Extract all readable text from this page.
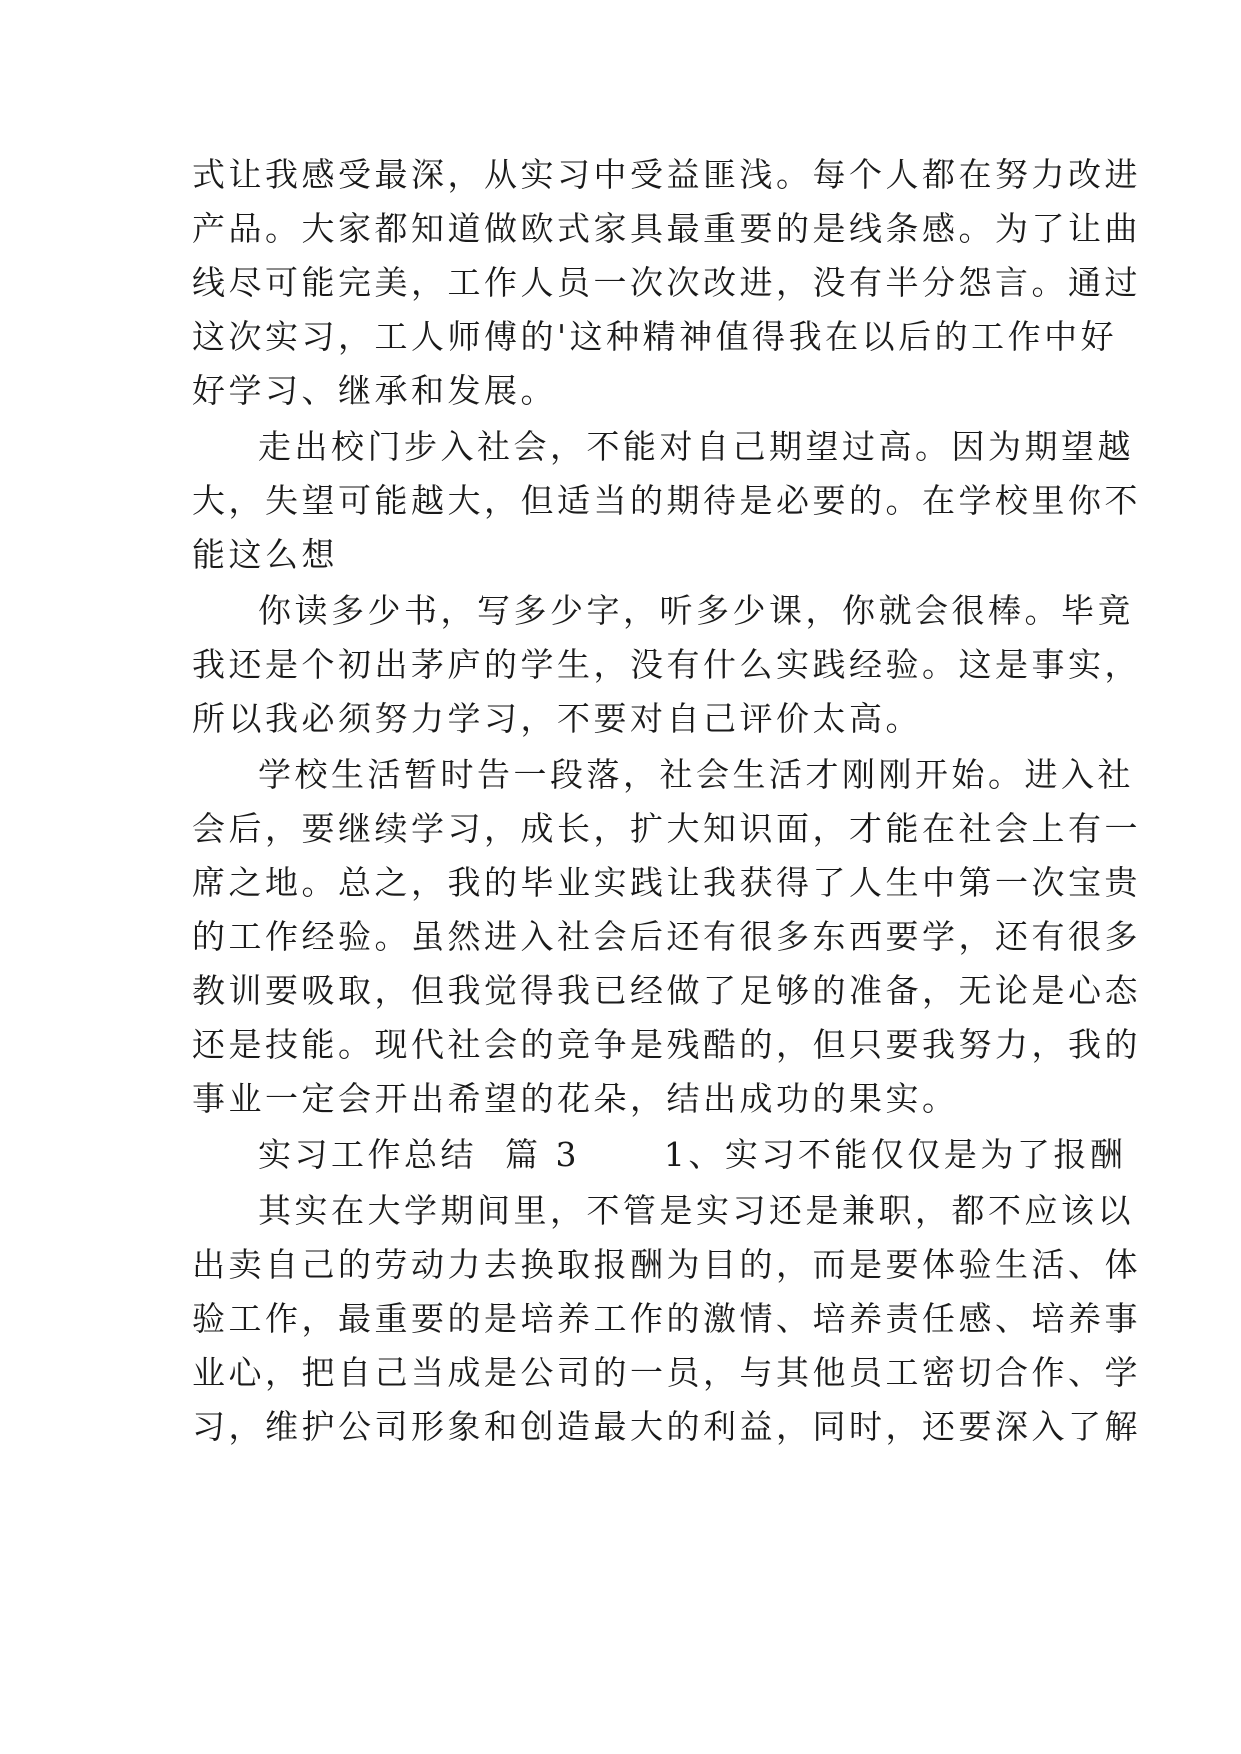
式让我感受最深，从实习中受益匪浅。每个人都在努力改进
产品。大家都知道做欧式家具最重要的是线条感。为了让曲
线尽可能完美，工作人员一次次改进，没有半分怨言。通过
这次实习，工人师傅的'这种精神值得我在以后的工作中好
好学习、继承和发展。
走出校门步入社会，不能对自己期望过高。因为期望越
大，失望可能越大，但适当的期待是必要的。在学校里你不
能这么想
你读多少书，写多少字，听多少课，你就会很棒。毕竟
我还是个初出茅庐的学生，没有什么实践经验。这是事实，
所以我必须努力学习，不要对自己评价太高。
学校生活暂时告一段落，社会生活才刚刚开始。进入社
会后，要继续学习，成长，扩大知识面，才能在社会上有一
席之地。总之，我的毕业实践让我获得了人生中第一次宝贵
的工作经验。虽然进入社会后还有很多东西要学，还有很多
教训要吸取，但我觉得我已经做了足够的准备，无论是心态
还是技能。现代社会的竞争是残酷的，但只要我努力，我的
事业一定会开出希望的花朵，结出成功的果实。
实习工作总结  篇 3      1、实习不能仅仅是为了报酬
其实在大学期间里，不管是实习还是兼职，都不应该以
出卖自己的劳动力去换取报酬为目的，而是要体验生活、体
验工作，最重要的是培养工作的激情、培养责任感、培养事
业心，把自己当成是公司的一员，与其他员工密切合作、学
习，维护公司形象和创造最大的利益，同时，还要深入了解
